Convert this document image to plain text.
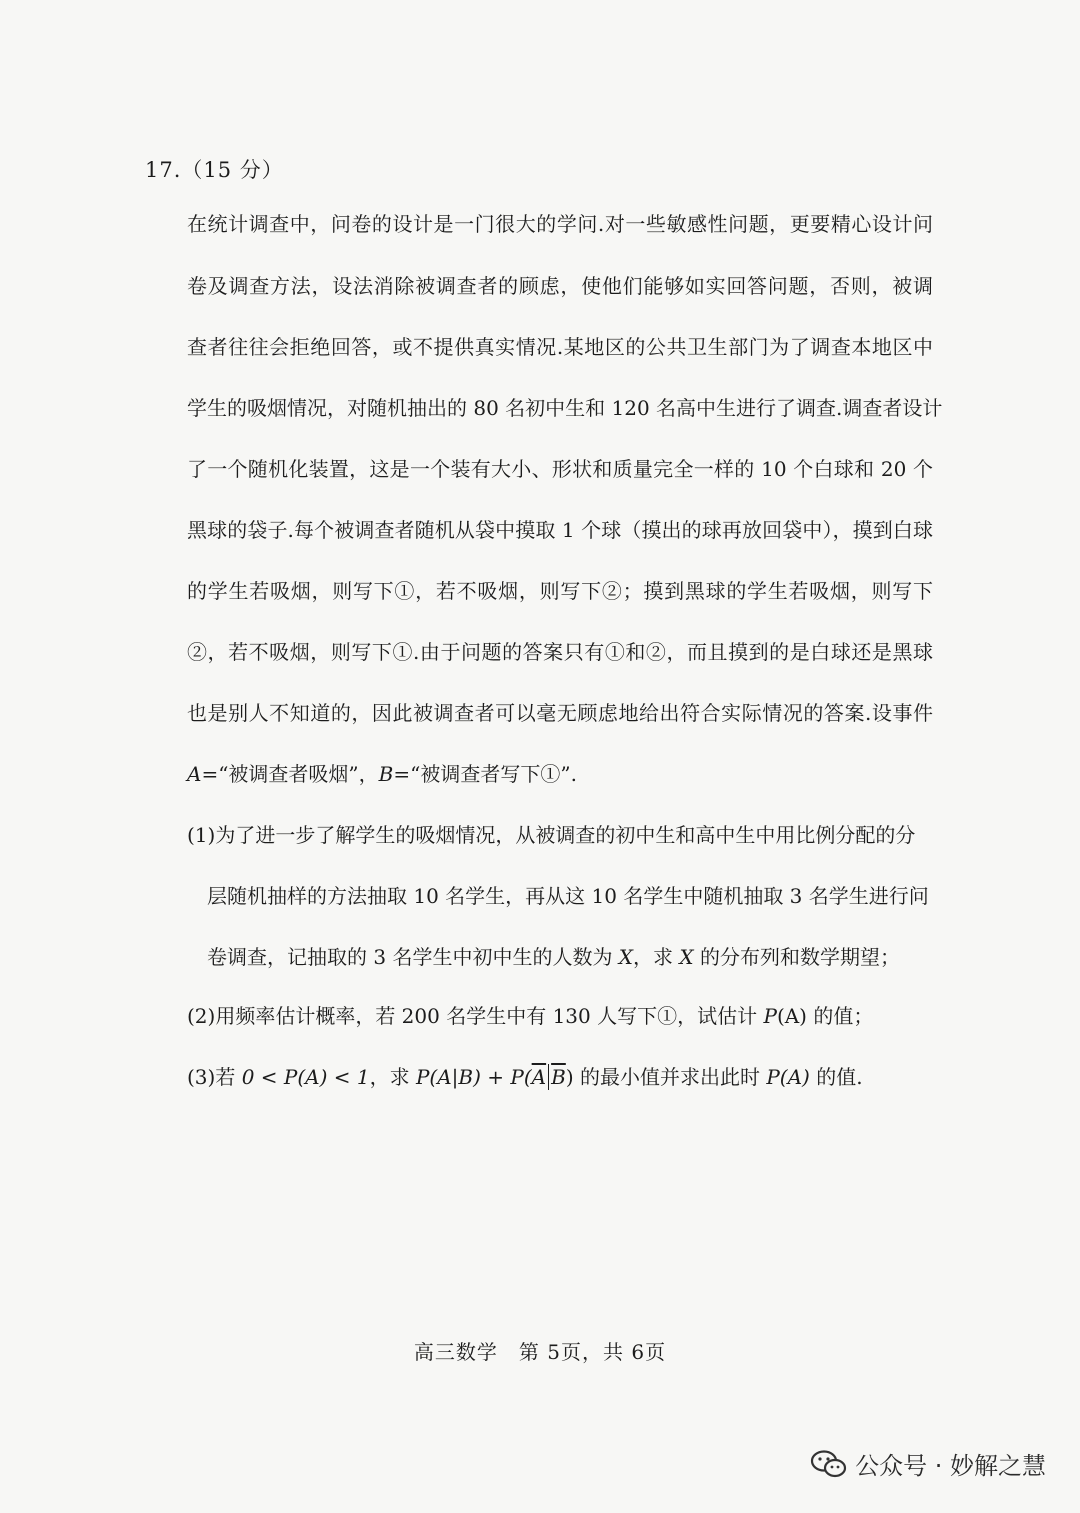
17.（15 分）
在统计调查中，问卷的设计是一门很大的学问.对一些敏感性问题，更要精心设计问
卷及调查方法，设法消除被调查者的顾虑，使他们能够如实回答问题，否则，被调
查者往往会拒绝回答，或不提供真实情况.某地区的公共卫生部门为了调查本地区中
学生的吸烟情况，对随机抽出的 80 名初中生和 120 名高中生进行了调查.调查者设计
了一个随机化装置，这是一个装有大小、形状和质量完全一样的 10 个白球和 20 个
黑球的袋子.每个被调查者随机从袋中摸取 1 个球（摸出的球再放回袋中），摸到白球
的学生若吸烟，则写下①，若不吸烟，则写下②；摸到黑球的学生若吸烟，则写下
②，若不吸烟，则写下①.由于问题的答案只有①和②，而且摸到的是白球还是黑球
也是别人不知道的，因此被调查者可以毫无顾虑地给出符合实际情况的答案.设事件
A=“被调查者吸烟”，B=“被调查者写下①”.
(1)为了进一步了解学生的吸烟情况，从被调查的初中生和高中生中用比例分配的分
层随机抽样的方法抽取 10 名学生，再从这 10 名学生中随机抽取 3 名学生进行问
卷调查，记抽取的 3 名学生中初中生的人数为 X，求 X 的分布列和数学期望；
(2)用频率估计概率，若 200 名学生中有 130 人写下①，试估计 P(A) 的值；
(3)若 0 < P(A) < 1，求 $P(A|B) + P(\overline{A}$ $\overline{B}$) 的最小值并求出此时 P(A) 的值.
高三数学　第 5页，共 6页
公众号 · 妙解之慧
